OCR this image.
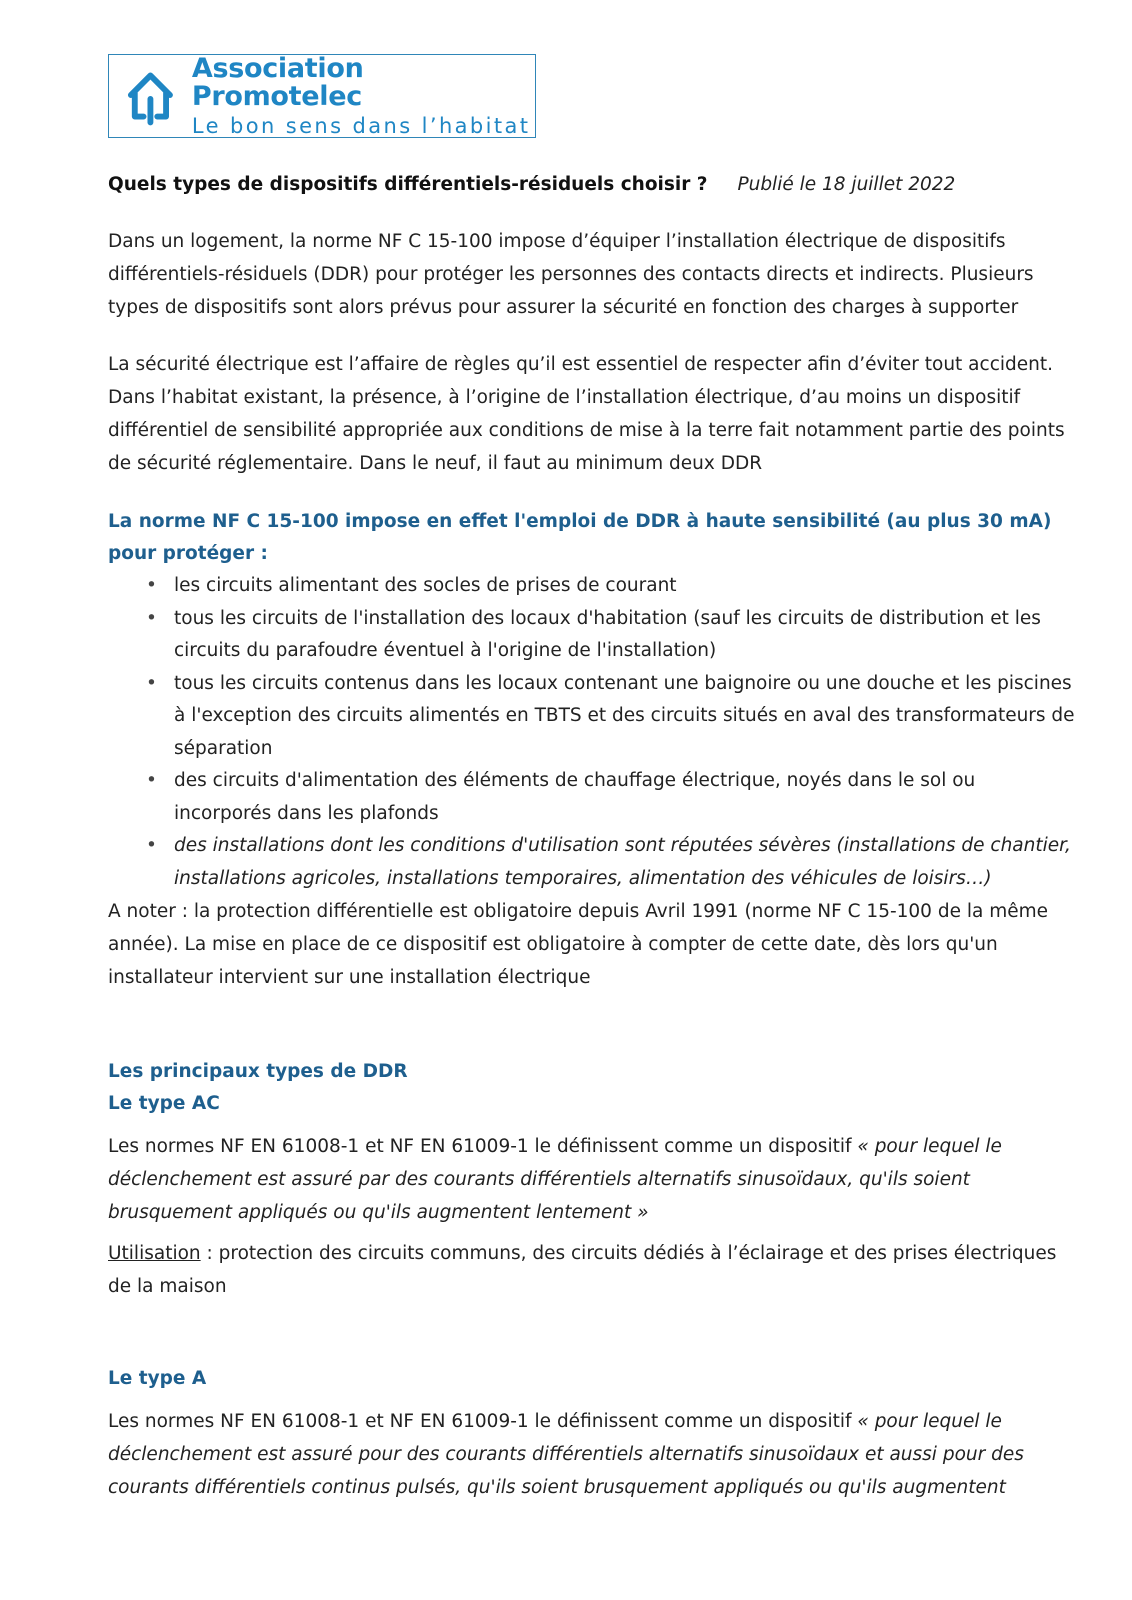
Association Promotelec
Le bon sens dans l’habitat
Quels types de dispositifs différentiels-résiduels choisir ? Publié le 18 juillet 2022

Dans un logement, la norme NF C 15-100 impose d’équiper l’installation électrique de dispositifs différentiels-résiduels (DDR) pour protéger les personnes des contacts directs et indirects. Plusieurs types de dispositifs sont alors prévus pour assurer la sécurité en fonction des charges à supporter

La sécurité électrique est l’affaire de règles qu’il est essentiel de respecter afin d’éviter tout accident. Dans l’habitat existant, la présence, à l’origine de l’installation électrique, d’au moins un dispositif différentiel de sensibilité appropriée aux conditions de mise à la terre fait notamment partie des points de sécurité réglementaire. Dans le neuf, il faut au minimum deux DDR

La norme NF C 15-100 impose en effet l'emploi de DDR à haute sensibilité (au plus 30 mA) pour protéger :
• les circuits alimentant des socles de prises de courant
• tous les circuits de l'installation des locaux d'habitation (sauf les circuits de distribution et les circuits du parafoudre éventuel à l'origine de l'installation)
• tous les circuits contenus dans les locaux contenant une baignoire ou une douche et les piscines à l'exception des circuits alimentés en TBTS et des circuits situés en aval des transformateurs de séparation
• des circuits d'alimentation des éléments de chauffage électrique, noyés dans le sol ou incorporés dans les plafonds
• des installations dont les conditions d'utilisation sont réputées sévères (installations de chantier, installations agricoles, installations temporaires, alimentation des véhicules de loisirs…)

A noter : la protection différentielle est obligatoire depuis Avril 1991 (norme NF C 15-100 de la même année). La mise en place de ce dispositif est obligatoire à compter de cette date, dès lors qu'un installateur intervient sur une installation électrique

Les principaux types de DDR
Le type AC

Les normes NF EN 61008-1 et NF EN 61009-1 le définissent comme un dispositif « pour lequel le déclenchement est assuré par des courants différentiels alternatifs sinusoïdaux, qu'ils soient brusquement appliqués ou qu'ils augmentent lentement »

Utilisation : protection des circuits communs, des circuits dédiés à l’éclairage et des prises électriques de la maison

Le type A

Les normes NF EN 61008-1 et NF EN 61009-1 le définissent comme un dispositif « pour lequel le déclenchement est assuré pour des courants différentiels alternatifs sinusoïdaux et aussi pour des courants différentiels continus pulsés, qu'ils soient brusquement appliqués ou qu'ils augmentent
